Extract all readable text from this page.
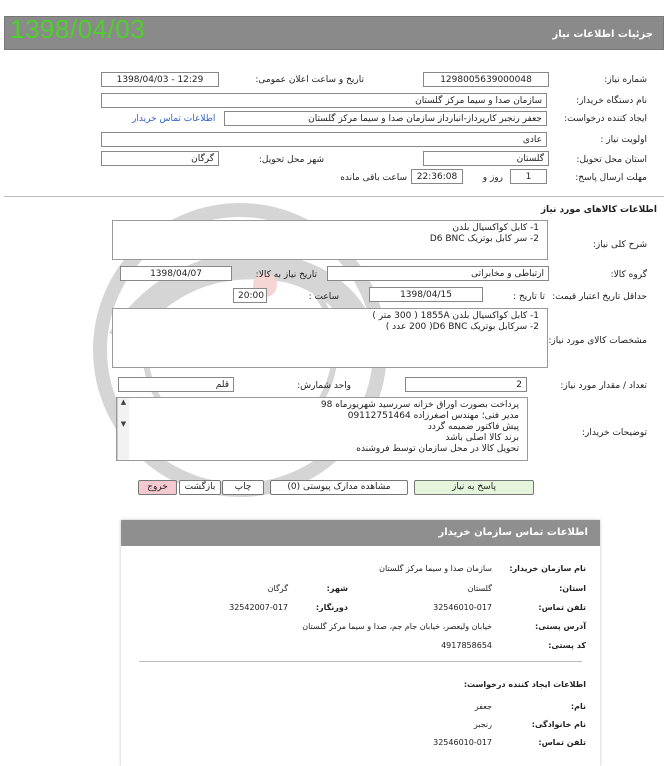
1398/04/03	جزئیات اطلاعات نیاز
شماره نیاز:
1298005639000048
تاریخ و ساعت اعلان عمومی:
1398/04/03 - 12:29
نام دستگاه خریدار:
سازمان صدا و سیما مرکز گلستان
ایجاد کننده درخواست:
جعفر رنجبر کارپرداز-انبارداز سازمان صدا و سیما مرکز گلستان
اطلاعات تماس خریدار
اولویت نیاز :
عادی
استان محل تحویل:
گلستان
شهر محل تحویل:
گرگان
مهلت ارسال پاسخ:
1
روز و
22:36:08
ساعت باقی مانده
اطلاعات کالاهای مورد نیاز
شرح کلی نیاز:
1- کابل کواکسیال بلدن
2- سر کابل بوتریک D6 BNC
گروه کالا:
ارتباطی و مخابراتی
تاریخ نیاز به کالا:
1398/04/07
حداقل تاریخ اعتبار قیمت:
تا تاریخ :
1398/04/15
ساعت :
20:00
مشخصات کالای مورد نیاز:
1- کابل کواکسیال بلدن 1855A ( 300 متر )
2- سرکابل بوتریک D6 BNC( 200 عدد )
تعداد / مقدار مورد نیاز:
2
واحد شمارش:
قلم
توضیحات خریدار:
پرداخت بصورت اوراق خزانه سررسید شهریورماه 98
مدیر فنی؛ مهندس اصغرزاده 09112751464
پیش فاکتور ضمیمه گردد
برند کالا اصلی باشد
تحویل کالا در محل سازمان توسط فروشنده
▲
▼
پاسخ به نیاز
مشاهده مدارک پیوستی (0)
چاپ
بازگشت
خروج
اطلاعات تماس سازمان خریدار
نام سازمان خریدار:
سازمان صدا و سیما مرکز گلستان
استان:
گلستان
شهر:
گرگان
تلفن تماس:
32546010-017
دورنگار:
32542007-017
آدرس پستی:
خیابان ولیعصر، خیابان جام جم، صدا و سیما مرکز گلستان
کد پستی:
4917858654
اطلاعات ایجاد کننده درخواست:
نام:
جعفر
نام خانوادگی:
رنجبر
تلفن تماس:
32546010-017
